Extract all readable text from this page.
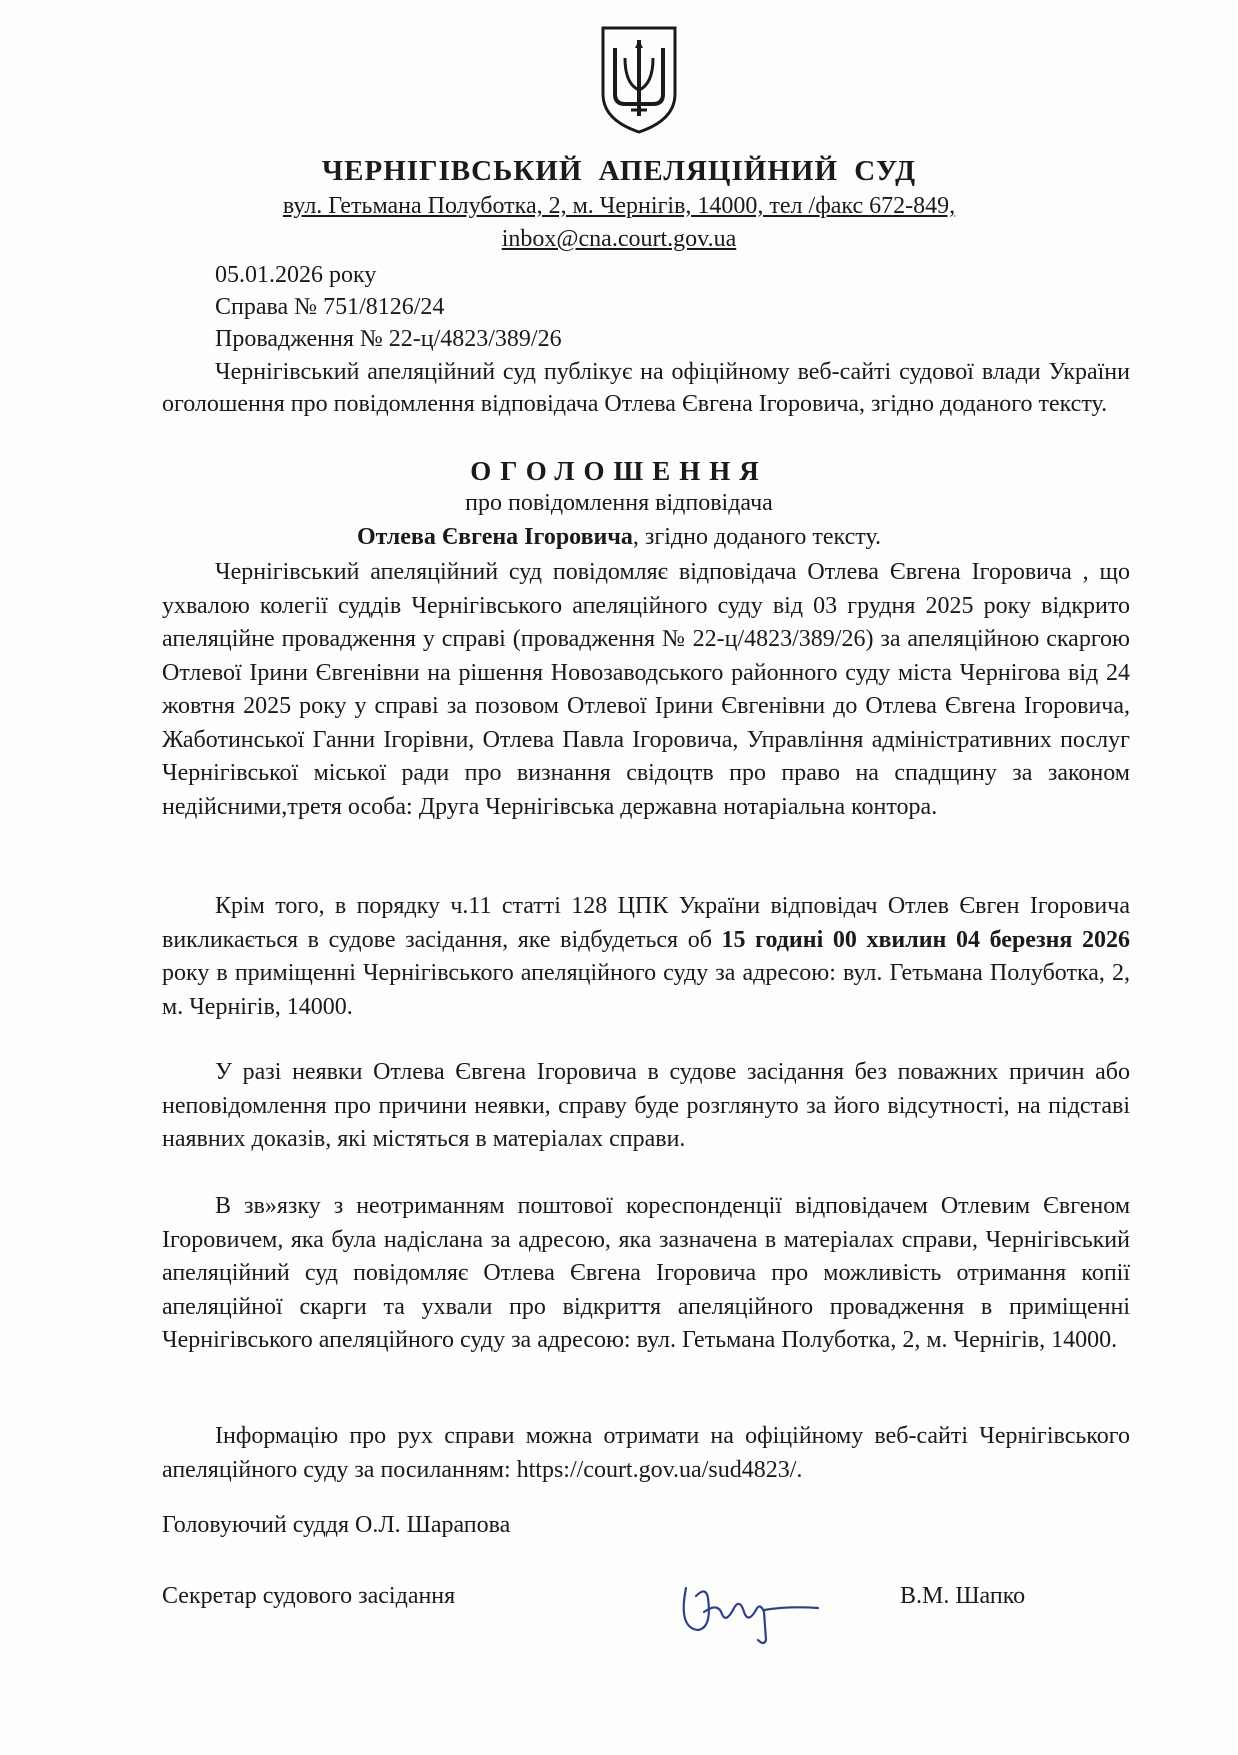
ЧЕРНІГІВСЬКИЙ АПЕЛЯЦІЙНИЙ СУД
вул. Гетьмана Полуботка, 2, м. Чернігів, 14000, тел /факс 672-849,
inbox@cna.court.gov.ua
05.01.2026 року
Справа № 751/8126/24
Провадження № 22-ц/4823/389/26

Чернігівський апеляційний суд публікує на офіційному веб-сайті судової влади України оголошення про повідомлення відповідача Отлева Євгена Ігоровича, згідно доданого тексту.

ОГОЛОШЕННЯ
про повідомлення відповідача
Отлева Євгена Ігоровича, згідно доданого тексту.

Чернігівський апеляційний суд повідомляє відповідача Отлева Євгена Ігоровича , що ухвалою колегії суддів Чернігівського апеляційного суду від 03 грудня 2025 року відкрито апеляційне провадження у справі (провадження № 22-ц/4823/389/26) за апеляційною скаргою Отлевої Ірини Євгенівни на рішення Новозаводського районного суду міста Чернігова від 24 жовтня 2025 року у справі за позовом Отлевої Ірини Євгенівни до Отлева Євгена Ігоровича, Жаботинської Ганни Ігорівни, Отлева Павла Ігоровича, Управління адміністративних послуг Чернігівської міської ради про визнання свідоцтв про право на спадщину за законом недійсними,третя особа: Друга Чернігівська державна нотаріальна контора.

Крім того, в порядку ч.11 статті 128 ЦПК України відповідач Отлев Євген Ігоровича викликається в судове засідання, яке відбудеться об 15 годині 00 хвилин 04 березня 2026 року в приміщенні Чернігівського апеляційного суду за адресою: вул. Гетьмана Полуботка, 2, м. Чернігів, 14000.

У разі неявки Отлева Євгена Ігоровича в судове засідання без поважних причин або неповідомлення про причини неявки, справу буде розглянуто за його відсутності, на підставі наявних доказів, які містяться в матеріалах справи.

В зв»язку з неотриманням поштової кореспонденції відповідачем Отлевим Євгеном Ігоровичем, яка була надіслана за адресою, яка зазначена в матеріалах справи, Чернігівський апеляційний суд повідомляє Отлева Євгена Ігоровича про можливість отримання копії апеляційної скарги та ухвали про відкриття апеляційного провадження в приміщенні Чернігівського апеляційного суду за адресою: вул. Гетьмана Полуботка, 2, м. Чернігів, 14000.

Інформацію про рух справи можна отримати на офіційному веб-сайті Чернігівського апеляційного суду за посиланням: https://court.gov.ua/sud4823/.

Головуючий суддя О.Л. Шарапова
Секретар судового засідання	В.М. Шапко
